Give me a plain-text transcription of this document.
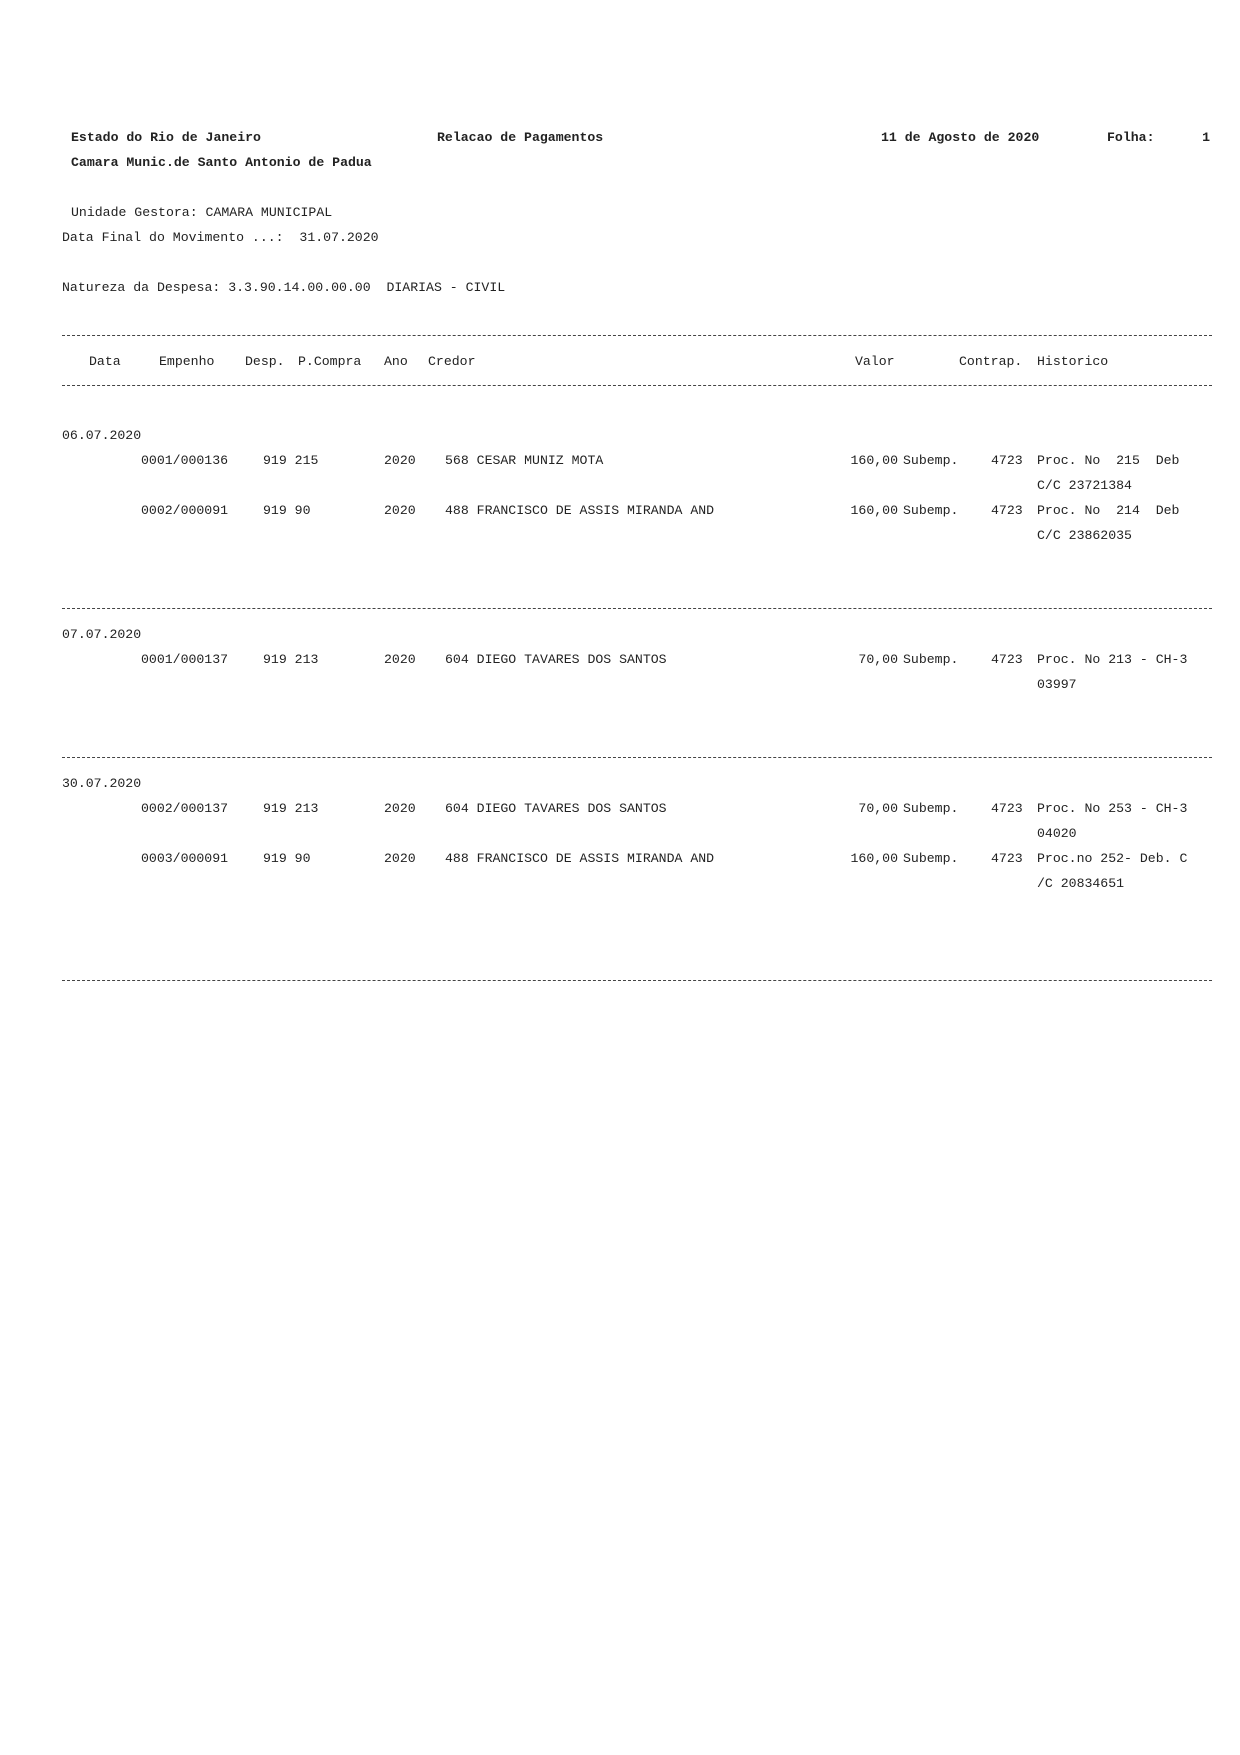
Estado do Rio de Janeiro	Relacao de Pagamentos	11 de Agosto de 2020	Folha:	1
Camara Munic.de Santo Antonio de Padua
Unidade Gestora: CAMARA MUNICIPAL
Data Final do Movimento ...:  31.07.2020
Natureza da Despesa: 3.3.90.14.00.00.00  DIARIAS - CIVIL
Data	Empenho Desp. P.Compra Ano Credor	Valor	Contrap. Historico
06.07.2020
0001/000136	919 215	2020 568 CESAR MUNIZ MOTA	160,00 Subemp. 4723 Proc. No  215  Deb
C/C 23721384
0002/000091	919 90	2020 488 FRANCISCO DE ASSIS MIRANDA AND	160,00 Subemp. 4723 Proc. No  214  Deb
C/C 23862035
07.07.2020
0001/000137	919 213	2020 604 DIEGO TAVARES DOS SANTOS	70,00 Subemp. 4723 Proc. No 213 - CH-3
03997
30.07.2020
0002/000137	919 213	2020 604 DIEGO TAVARES DOS SANTOS	70,00 Subemp. 4723 Proc. No 253 - CH-3
04020
0003/000091	919 90	2020 488 FRANCISCO DE ASSIS MIRANDA AND	160,00 Subemp. 4723 Proc.no 252- Deb. C
/C 20834651
